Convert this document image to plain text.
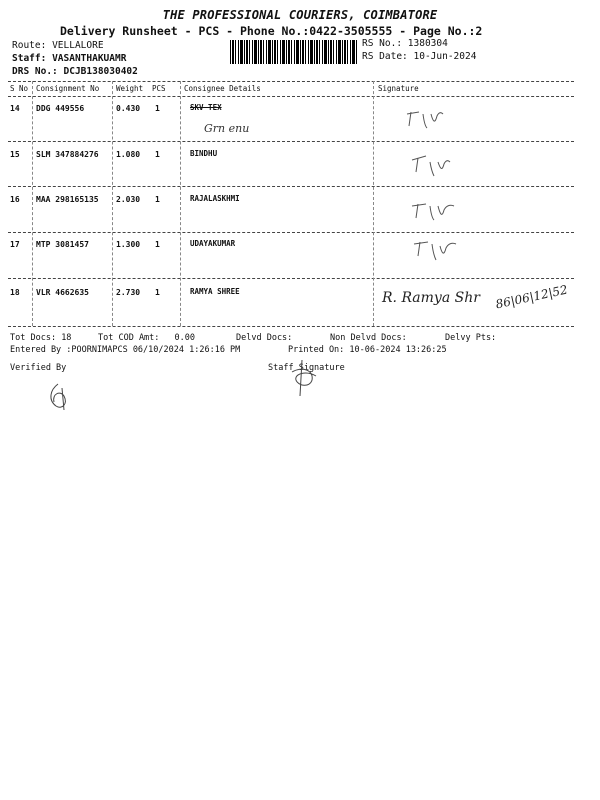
THE PROFESSIONAL COURIERS, COIMBATORE
Delivery Runsheet - PCS - Phone No.:0422-3505555 - Page No.:2
Route: VELLALORE
Staff: VASANTHAKUAMR
DRS No.: DCJB138030402
RS No.: 1380304
RS Date: 10-Jun-2024
S No Consignment No Weight PCS Consignee Details	Signature
14 DDG 449556	0.430 1	SKV TEX
Grn enu
15 SLM 347884276 1.080 1	BINDHU
16 MAA 298165135 2.030 1	RAJALASKHMI
17 MTP 3081457	1.300 1	UDAYAKUMAR
18 VLR 4662635	2.730 1	RAMYA SHREE	R. Ramya Shr 86|06|12|52
Tot Docs: 18	Tot COD Amt: 0.00	Delvd Docs:	Non Delvd Docs:	Delvy Pts:
Entered By :POORNIMAPCS 06/10/2024 1:26:16 PM	Printed On: 10-06-2024 13:26:25
Verified By	Staff Signature
